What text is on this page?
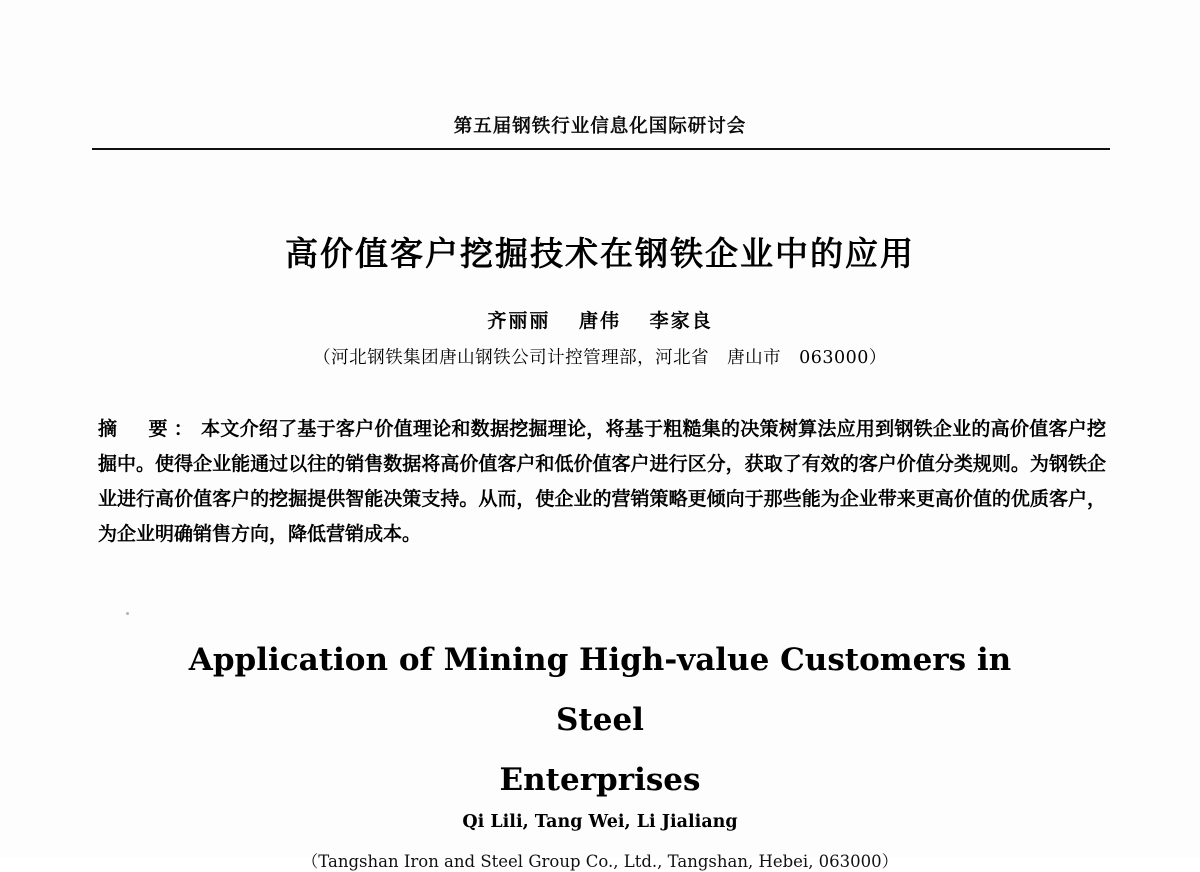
第五届钢铁行业信息化国际研讨会
高价值客户挖掘技术在钢铁企业中的应用
齐丽丽 唐伟 李家良
（河北钢铁集团唐山钢铁公司计控管理部，河北省　唐山市　063000）
摘　要： 本文介绍了基于客户价值理论和数据挖掘理论，将基于粗糙集的决策树算法应用到钢铁企业的高价值客户挖掘中。使得企业能通过以往的销售数据将高价值客户和低价值客户进行区分，获取了有效的客户价值分类规则。为钢铁企业进行高价值客户的挖掘提供智能决策支持。从而，使企业的营销策略更倾向于那些能为企业带来更高价值的优质客户，为企业明确销售方向，降低营销成本。
Application of Mining High-value Customers in Steel
Enterprises
Qi Lili, Tang Wei, Li Jialiang
（Tangshan Iron and Steel Group Co., Ltd., Tangshan, Hebei, 063000）
